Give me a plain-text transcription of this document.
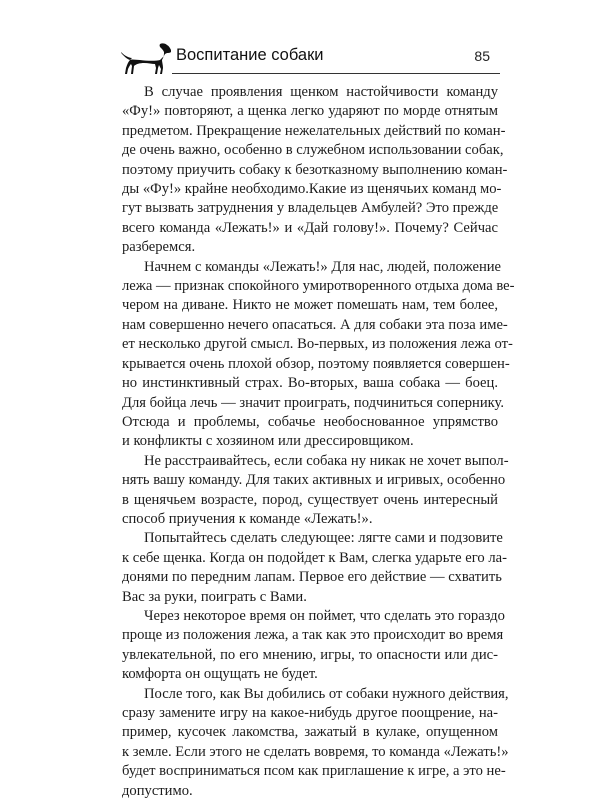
Воспитание собаки	85
В случае проявления щенком настойчивости команду
«Фу!» повторяют, а щенка легко ударяют по морде отнятым
предметом. Прекращение нежелательных действий по коман-
де очень важно, особенно в служебном использовании собак,
поэтому приучить собаку к безотказному выполнению коман-
ды «Фу!» крайне необходимо.Какие из щенячьих команд мо-
гут вызвать затруднения у владельцев Амбулей? Это прежде
всего команда «Лежать!» и «Дай голову!». Почему? Сейчас
разберемся.
Начнем с команды «Лежать!» Для нас, людей, положение
лежа — признак спокойного умиротворенного отдыха дома ве-
чером на диване. Никто не может помешать нам, тем более,
нам совершенно нечего опасаться. А для собаки эта поза име-
ет несколько другой смысл. Во-первых, из положения лежа от-
крывается очень плохой обзор, поэтому появляется совершен-
но инстинктивный страх. Во-вторых, ваша собака — боец.
Для бойца лечь — значит проиграть, подчиниться сопернику.
Отсюда и проблемы, собачье необоснованное упрямство
и конфликты с хозяином или дрессировщиком.
Не расстраивайтесь, если собака ну никак не хочет выпол-
нять вашу команду. Для таких активных и игривых, особенно
в щенячьем возрасте, пород, существует очень интересный
способ приучения к команде «Лежать!».
Попытайтесь сделать следующее: лягте сами и подзовите
к себе щенка. Когда он подойдет к Вам, слегка ударьте его ла-
донями по передним лапам. Первое его действие — схватить
Вас за руки, поиграть с Вами.
Через некоторое время он поймет, что сделать это гораздо
проще из положения лежа, а так как это происходит во время
увлекательной, по его мнению, игры, то опасности или дис-
комфорта он ощущать не будет.
После того, как Вы добились от собаки нужного действия,
сразу замените игру на какое-нибудь другое поощрение, на-
пример, кусочек лакомства, зажатый в кулаке, опущенном
к земле. Если этого не сделать вовремя, то команда «Лежать!»
будет восприниматься псом как приглашение к игре, а это не-
допустимо.
